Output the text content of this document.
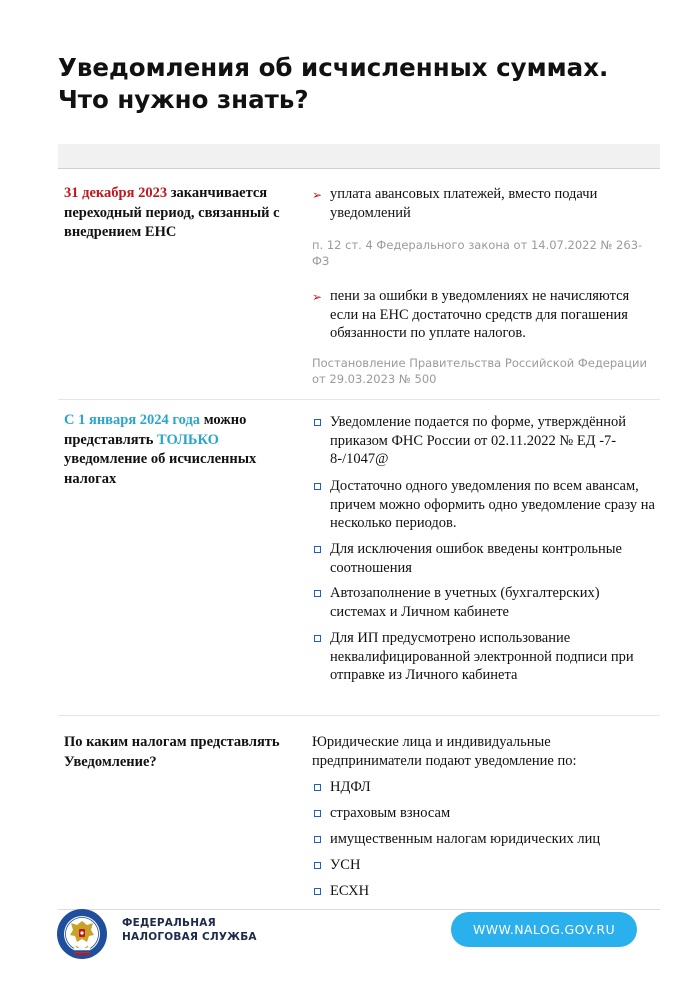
Уведомления об исчисленных суммах. Что нужно знать?
31 декабря 2023 заканчивается переходный период, связанный с внедрением ЕНС
➢ уплата авансовых платежей, вместо подачи уведомлений
п. 12 ст. 4 Федерального закона от 14.07.2022 № 263-ФЗ
➢ пени за ошибки в уведомлениях не начисляются если на ЕНС достаточно средств для погашения обязанности по уплате налогов.
Постановление Правительства Российской Федерации от 29.03.2023 № 500
С 1 января 2024 года можно представлять ТОЛЬКО уведомление об исчисленных налогах
Уведомление подается по форме, утверждённой приказом ФНС России от 02.11.2022 № ЕД -7-8-/1047@
Достаточно одного уведомления по всем авансам, причем можно оформить одно уведомление сразу на несколько периодов.
Для исключения ошибок введены контрольные соотношения
Автозаполнение в учетных (бухгалтерских) системах и Личном кабинете
Для ИП предусмотрено использование неквалифицированной электронной подписи при отправке из Личного кабинета
По каким налогам представлять Уведомление?
Юридические лица и индивидуальные предприниматели подают уведомление по:
НДФЛ
страховым взносам
имущественным налогам юридических лиц
УСН
ЕСХН
ФЕДЕРАЛЬНАЯ
НАЛОГОВАЯ СЛУЖБА	WWW.NALOG.GOV.RU
